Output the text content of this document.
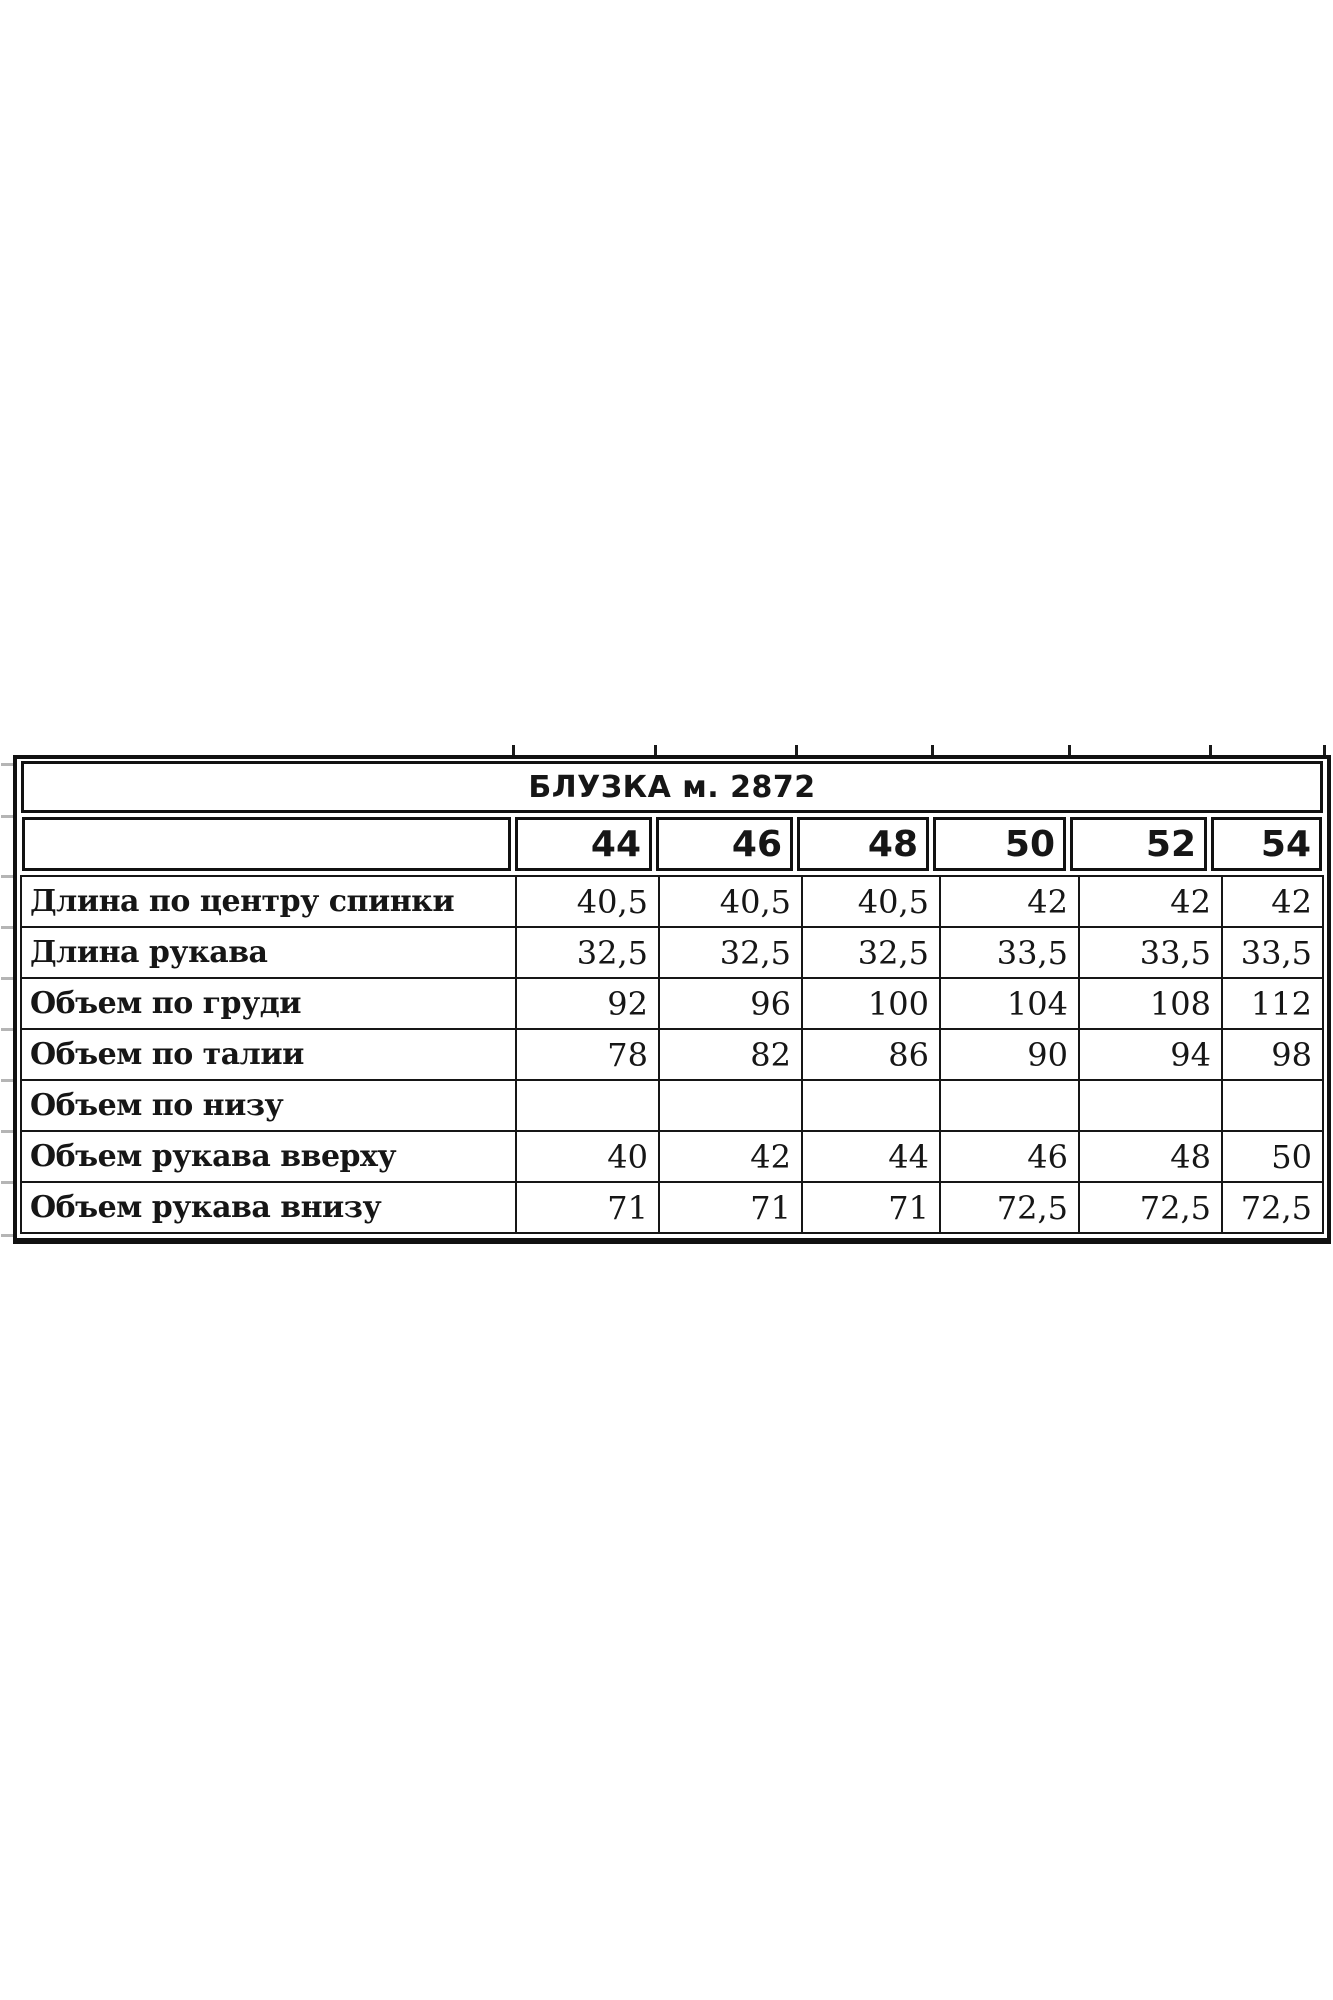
БЛУЗКА м. 2872
44	46	48	50	52	54
Длина по центру спинки	40,5	40,5	40,5	42	42	42
Длина рукава	32,5	32,5	32,5	33,5	33,5 33,5
Объем по груди	92	96	100	104	108	112
Объем по талии	78	82	86	90	94	98
Объем по низу
Объем рукава вверху	40	42	44	46	48	50
Объем рукава внизу	71	71	71	72,5	72,5 72,5
